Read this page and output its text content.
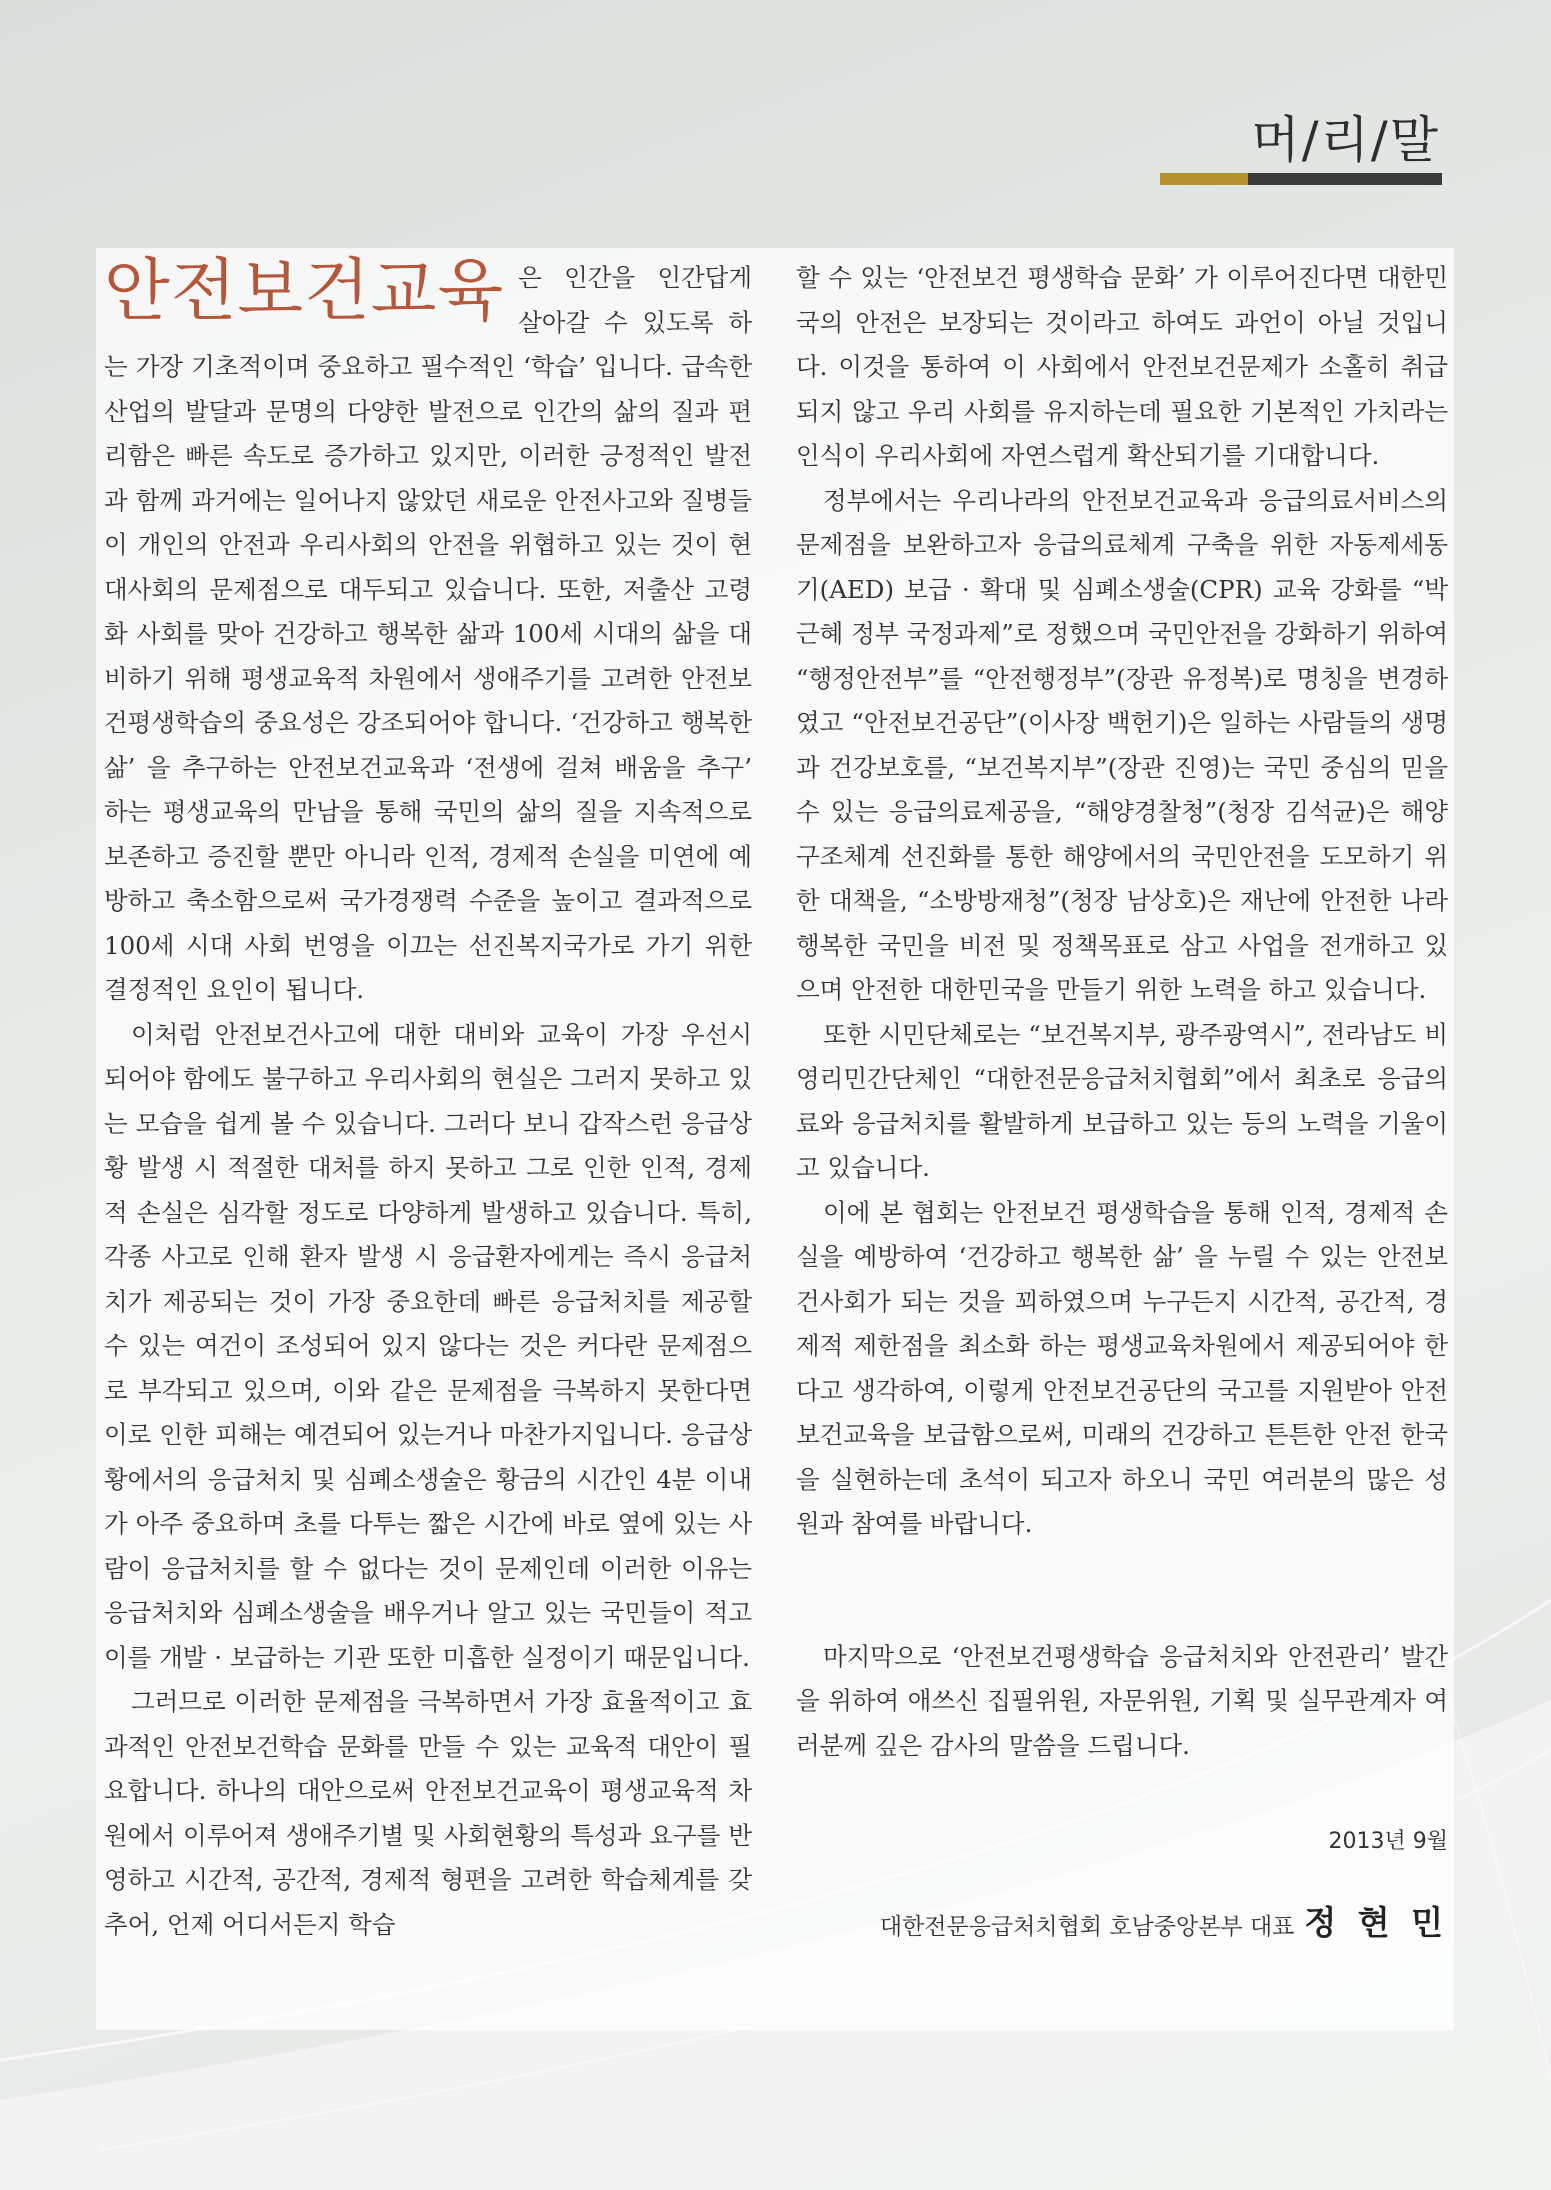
머/리/말

안전보건교육 은 인간을 인간답게 살아갈 수 있도록 하는 가장 기초적이며 중요하고 필수적인 ‘학습’ 입니다. 급속한 산업의 발달과 문명의 다양한 발전으로 인간의 삶의 질과 편리함은 빠른 속도로 증가하고 있지만, 이러한 긍정적인 발전과 함께 과거에는 일어나지 않았던 새로운 안전사고와 질병들이 개인의 안전과 우리사회의 안전을 위협하고 있는 것이 현대사회의 문제점으로 대두되고 있습니다. 또한, 저출산 고령화 사회를 맞아 건강하고 행복한 삶과 100세 시대의 삶을 대비하기 위해 평생교육적 차원에서 생애주기를 고려한 안전보건평생학습의 중요성은 강조되어야 합니다. ‘건강하고 행복한 삶’ 을 추구하는 안전보건교육과 ‘전생에 걸쳐 배움을 추구’ 하는 평생교육의 만남을 통해 국민의 삶의 질을 지속적으로 보존하고 증진할 뿐만 아니라 인적, 경제적 손실을 미연에 예방하고 축소함으로써 국가경쟁력 수준을 높이고 결과적으로 100세 시대 사회 번영을 이끄는 선진복지국가로 가기 위한 결정적인 요인이 됩니다.

이처럼 안전보건사고에 대한 대비와 교육이 가장 우선시 되어야 함에도 불구하고 우리사회의 현실은 그러지 못하고 있는 모습을 쉽게 볼 수 있습니다. 그러다 보니 갑작스런 응급상황 발생 시 적절한 대처를 하지 못하고 그로 인한 인적, 경제적 손실은 심각할 정도로 다양하게 발생하고 있습니다. 특히, 각종 사고로 인해 환자 발생 시 응급환자에게는 즉시 응급처치가 제공되는 것이 가장 중요한데 빠른 응급처치를 제공할 수 있는 여건이 조성되어 있지 않다는 것은 커다란 문제점으로 부각되고 있으며, 이와 같은 문제점을 극복하지 못한다면 이로 인한 피해는 예견되어 있는거나 마찬가지입니다. 응급상황에서의 응급처치 및 심폐소생술은 황금의 시간인 4분 이내가 아주 중요하며 초를 다투는 짧은 시간에 바로 옆에 있는 사람이 응급처치를 할 수 없다는 것이 문제인데 이러한 이유는 응급처치와 심폐소생술을 배우거나 알고 있는 국민들이 적고 이를 개발 · 보급하는 기관 또한 미흡한 실정이기 때문입니다.

그러므로 이러한 문제점을 극복하면서 가장 효율적이고 효과적인 안전보건학습 문화를 만들 수 있는 교육적 대안이 필요합니다. 하나의 대안으로써 안전보건교육이 평생교육적 차원에서 이루어져 생애주기별 및 사회현황의 특성과 요구를 반영하고 시간적, 공간적, 경제적 형편을 고려한 학습체계를 갖추어, 언제 어디서든지 학습

할 수 있는 ‘안전보건 평생학습 문화’ 가 이루어진다면 대한민국의 안전은 보장되는 것이라고 하여도 과언이 아닐 것입니다. 이것을 통하여 이 사회에서 안전보건문제가 소홀히 취급되지 않고 우리 사회를 유지하는데 필요한 기본적인 가치라는 인식이 우리사회에 자연스럽게 확산되기를 기대합니다.

정부에서는 우리나라의 안전보건교육과 응급의료서비스의 문제점을 보완하고자 응급의료체계 구축을 위한 자동제세동기(AED) 보급 · 확대 및 심폐소생술(CPR) 교육 강화를 “박근혜 정부 국정과제”로 정했으며 국민안전을 강화하기 위하여 “행정안전부”를 “안전행정부”(장관 유정복)로 명칭을 변경하였고 “안전보건공단”(이사장 백헌기)은 일하는 사람들의 생명과 건강보호를, “보건복지부”(장관 진영)는 국민 중심의 믿을 수 있는 응급의료제공을, “해양경찰청”(청장 김석균)은 해양구조체계 선진화를 통한 해양에서의 국민안전을 도모하기 위한 대책을, “소방방재청”(청장 남상호)은 재난에 안전한 나라 행복한 국민을 비전 및 정책목표로 삼고 사업을 전개하고 있으며 안전한 대한민국을 만들기 위한 노력을 하고 있습니다.

또한 시민단체로는 “보건복지부, 광주광역시”, 전라남도 비영리민간단체인 “대한전문응급처치협회”에서 최초로 응급의료와 응급처치를 활발하게 보급하고 있는 등의 노력을 기울이고 있습니다.

이에 본 협회는 안전보건 평생학습을 통해 인적, 경제적 손실을 예방하여 ‘건강하고 행복한 삶’ 을 누릴 수 있는 안전보건사회가 되는 것을 꾀하였으며 누구든지 시간적, 공간적, 경제적 제한점을 최소화 하는 평생교육차원에서 제공되어야 한다고 생각하여, 이렇게 안전보건공단의 국고를 지원받아 안전보건교육을 보급함으로써, 미래의 건강하고 튼튼한 안전 한국을 실현하는데 초석이 되고자 하오니 국민 여러분의 많은 성원과 참여를 바랍니다.

마지막으로 ‘안전보건평생학습 응급처치와 안전관리’ 발간을 위하여 애쓰신 집필위원, 자문위원, 기획 및 실무관계자 여러분께 깊은 감사의 말씀을 드립니다.

2013년 9월
대한전문응급처치협회 호남중앙본부 대표 정 현 민
